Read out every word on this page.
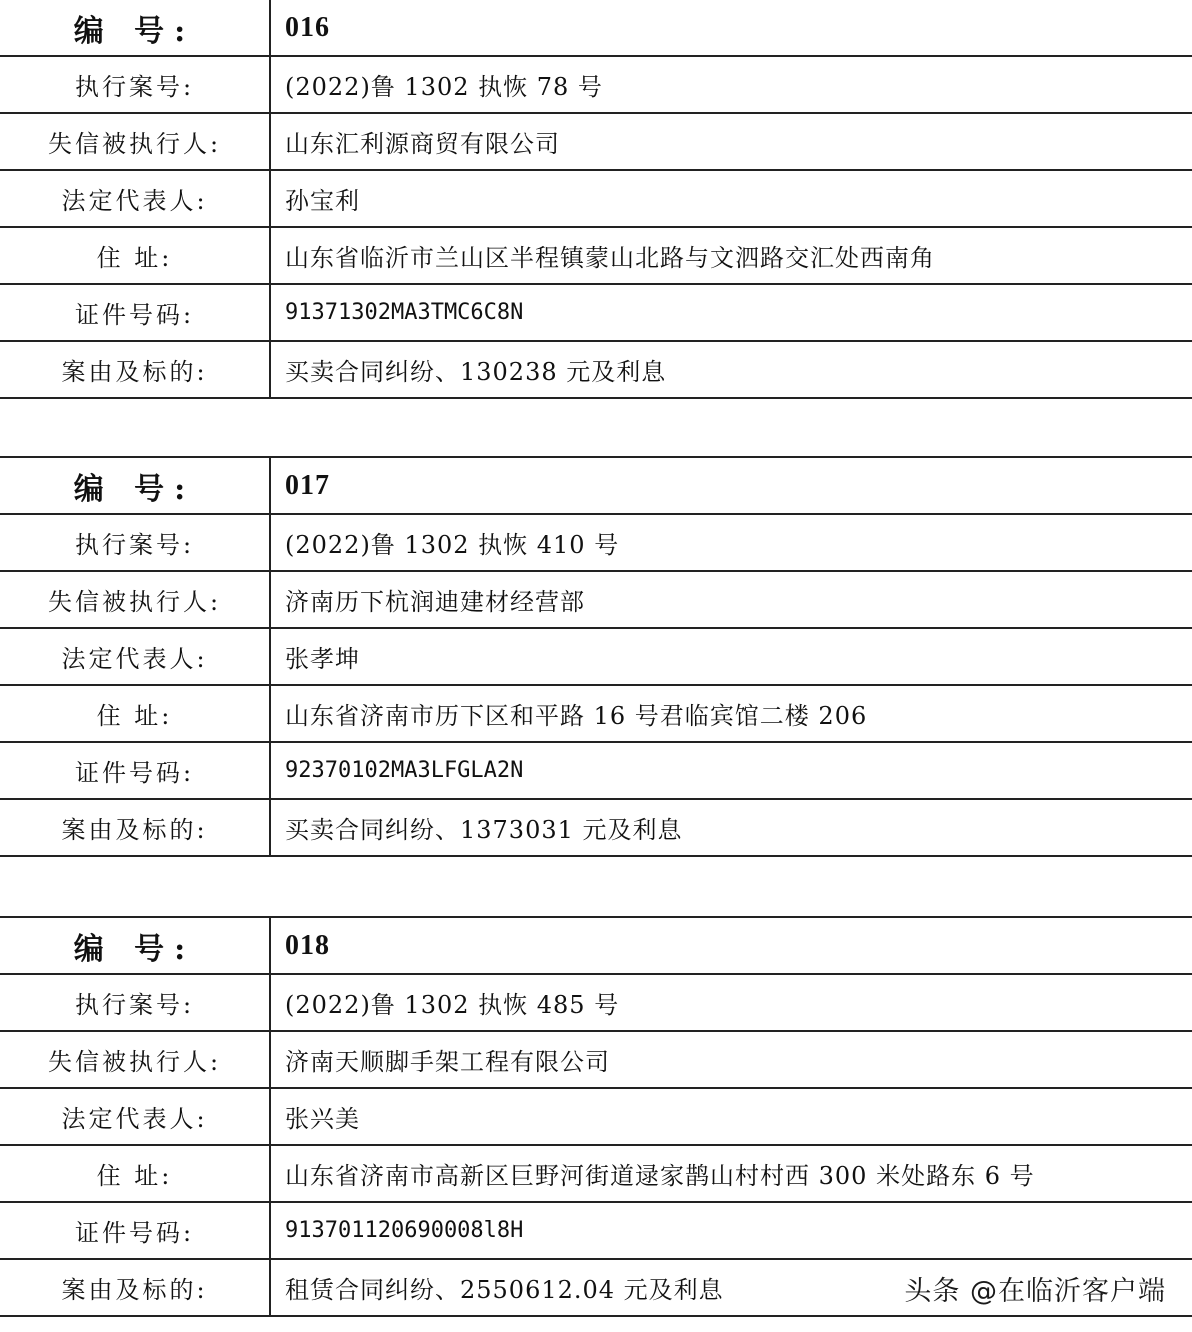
编 号:	016
执行案号:	(2022)鲁 1302 执恢 78 号
失信被执行人:	山东汇利源商贸有限公司
法定代表人:	孙宝利
住 址:	山东省临沂市兰山区半程镇蒙山北路与文泗路交汇处西南角
证件号码:	91371302MA3TMC6C8N
案由及标的:	买卖合同纠纷、130238 元及利息
编 号:	017
执行案号:	(2022)鲁 1302 执恢 410 号
失信被执行人:	济南历下杭润迪建材经营部
法定代表人:	张孝坤
住 址:	山东省济南市历下区和平路 16 号君临宾馆二楼 206
证件号码:	92370102MA3LFGLA2N
案由及标的:	买卖合同纠纷、1373031 元及利息
编 号:	018
执行案号:	(2022)鲁 1302 执恢 485 号
失信被执行人:	济南天顺脚手架工程有限公司
法定代表人:	张兴美
住 址:	山东省济南市高新区巨野河街道逯家鹊山村村西 300 米处路东 6 号
证件号码:	913701120690008l8H
案由及标的:	租赁合同纠纷、2550612.04 元及利息	头条 @在临沂客户端
